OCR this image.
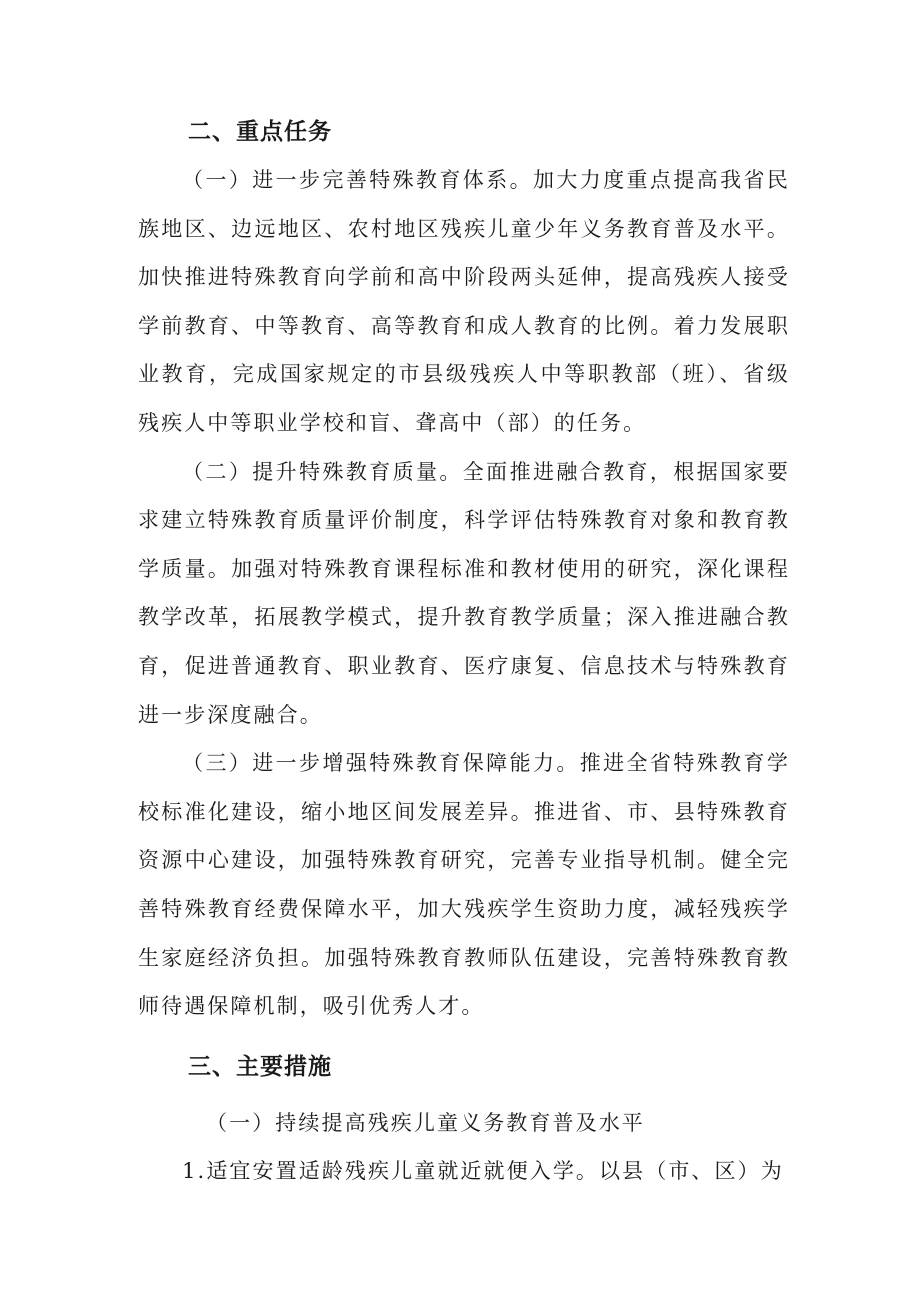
二、重点任务

（一）进一步完善特殊教育体系。加大力度重点提高我省民族地区、边远地区、农村地区残疾儿童少年义务教育普及水平。加快推进特殊教育向学前和高中阶段两头延伸，提高残疾人接受学前教育、中等教育、高等教育和成人教育的比例。着力发展职业教育，完成国家规定的市县级残疾人中等职教部（班）、省级残疾人中等职业学校和盲、聋高中（部）的任务。

（二）提升特殊教育质量。全面推进融合教育，根据国家要求建立特殊教育质量评价制度，科学评估特殊教育对象和教育教学质量。加强对特殊教育课程标准和教材使用的研究，深化课程教学改革，拓展教学模式，提升教育教学质量；深入推进融合教育，促进普通教育、职业教育、医疗康复、信息技术与特殊教育进一步深度融合。

（三）进一步增强特殊教育保障能力。推进全省特殊教育学校标准化建设，缩小地区间发展差异。推进省、市、县特殊教育资源中心建设，加强特殊教育研究，完善专业指导机制。健全完善特殊教育经费保障水平，加大残疾学生资助力度，减轻残疾学生家庭经济负担。加强特殊教育教师队伍建设，完善特殊教育教师待遇保障机制，吸引优秀人才。

三、主要措施

（一）持续提高残疾儿童义务教育普及水平

1.适宜安置适龄残疾儿童就近就便入学。以县（市、区）为
